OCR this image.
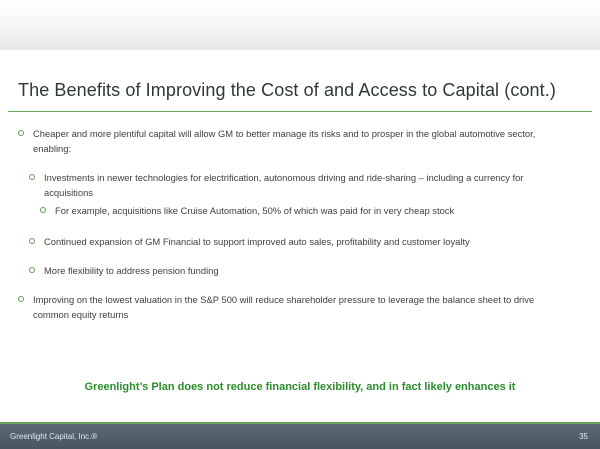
The Benefits of Improving the Cost of and Access to Capital (cont.)
Cheaper and more plentiful capital will allow GM to better manage its risks and to prosper in the global automotive sector, enabling:
Investments in newer technologies for electrification, autonomous driving and ride-sharing – including a currency for acquisitions
For example, acquisitions like Cruise Automation, 50% of which was paid for in very cheap stock
Continued expansion of GM Financial to support improved auto sales, profitability and customer loyalty
More flexibility to address pension funding
Improving on the lowest valuation in the S&P 500 will reduce shareholder pressure to leverage the balance sheet to drive common equity returns
Greenlight’s Plan does not reduce financial flexibility, and in fact likely enhances it
Greenlight Capital, Inc.®	35
